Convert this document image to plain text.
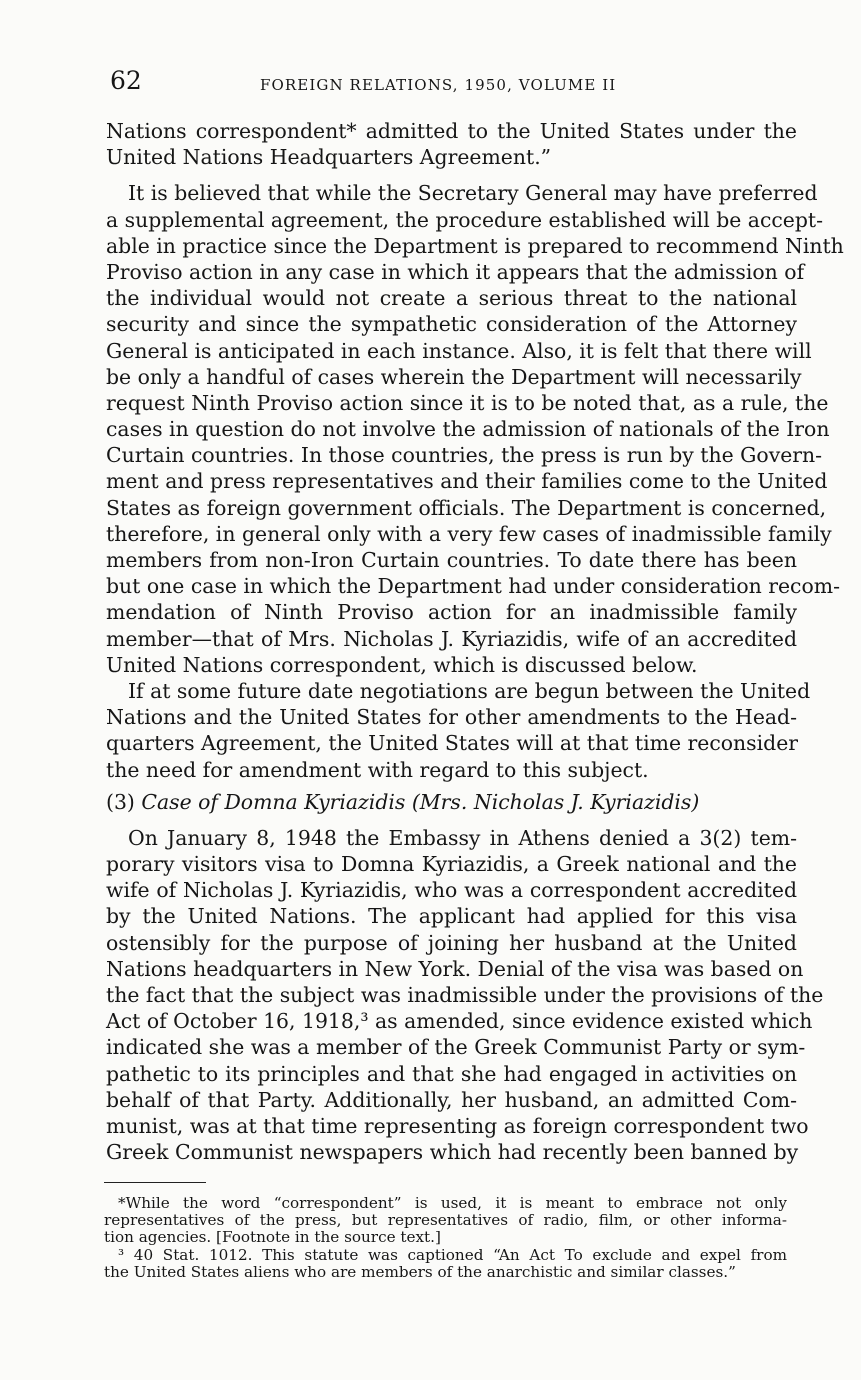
62	FOREIGN RELATIONS, 1950, VOLUME II

Nations correspondent* admitted to the United States under the
United Nations Headquarters Agreement.”

It is believed that while the Secretary General may have preferred
a supplemental agreement, the procedure established will be accept-
able in practice since the Department is prepared to recommend Ninth
Proviso action in any case in which it appears that the admission of
the individual would not create a serious threat to the national
security and since the sympathetic consideration of the Attorney
General is anticipated in each instance. Also, it is felt that there will
be only a handful of cases wherein the Department will necessarily
request Ninth Proviso action since it is to be noted that, as a rule, the
cases in question do not involve the admission of nationals of the Iron
Curtain countries. In those countries, the press is run by the Govern-
ment and press representatives and their families come to the United
States as foreign government officials. The Department is concerned,
therefore, in general only with a very few cases of inadmissible family
members from non-Iron Curtain countries. To date there has been
but one case in which the Department had under consideration recom-
mendation of Ninth Proviso action for an inadmissible family
member—that of Mrs. Nicholas J. Kyriazidis, wife of an accredited
United Nations correspondent, which is discussed below.

If at some future date negotiations are begun between the United
Nations and the United States for other amendments to the Head-
quarters Agreement, the United States will at that time reconsider
the need for amendment with regard to this subject.

(3) Case of Domna Kyriazidis (Mrs. Nicholas J. Kyriazidis)

On January 8, 1948 the Embassy in Athens denied a 3(2) tem-
porary visitors visa to Domna Kyriazidis, a Greek national and the
wife of Nicholas J. Kyriazidis, who was a correspondent accredited
by the United Nations. The applicant had applied for this visa
ostensibly for the purpose of joining her husband at the United
Nations headquarters in New York. Denial of the visa was based on
the fact that the subject was inadmissible under the provisions of the
Act of October 16, 1918,³ as amended, since evidence existed which
indicated she was a member of the Greek Communist Party or sym-
pathetic to its principles and that she had engaged in activities on
behalf of that Party. Additionally, her husband, an admitted Com-
munist, was at that time representing as foreign correspondent two
Greek Communist newspapers which had recently been banned by

*While the word “correspondent” is used, it is meant to embrace not only
representatives of the press, but representatives of radio, film, or other informa-
tion agencies. [Footnote in the source text.]

³ 40 Stat. 1012. This statute was captioned “An Act To exclude and expel from
the United States aliens who are members of the anarchistic and similar classes.”
